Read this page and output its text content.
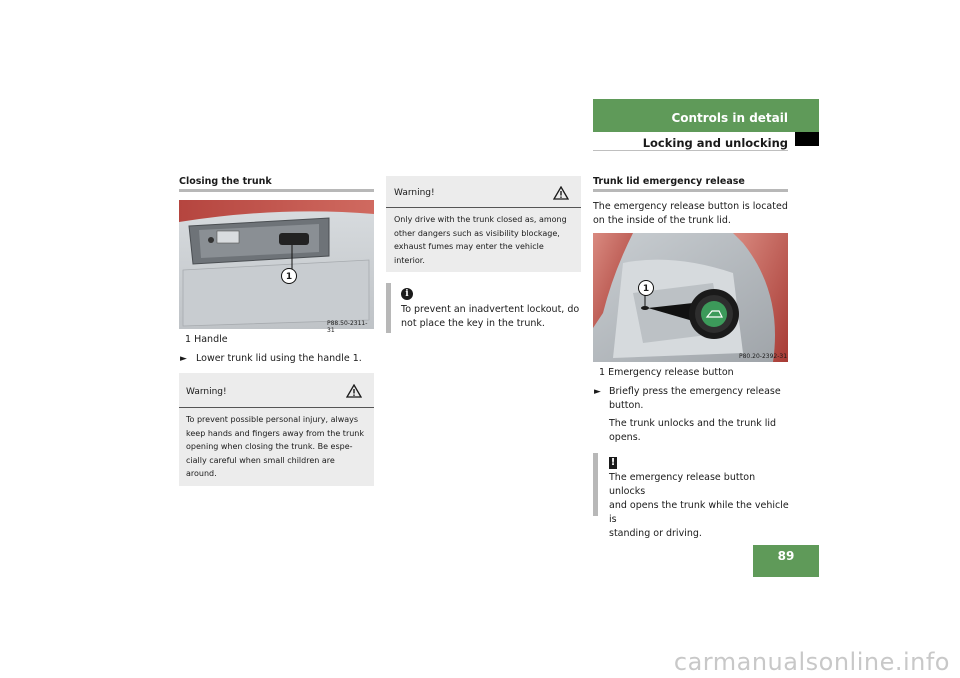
Controls in detail
Locking and unlocking
Closing the trunk
1
P88.50-2311-31
1 Handle
► Lower trunk lid using the handle 1.
Warning!
To prevent possible personal injury, always
keep hands and fingers away from the trunk
opening when closing the trunk. Be espe-
cially careful when small children are
around.
Warning!
Only drive with the trunk closed as, among
other dangers such as visibility blockage,
exhaust fumes may enter the vehicle
interior.
i
To prevent an inadvertent lockout, do
not place the key in the trunk.
Trunk lid emergency release
The emergency release button is located
on the inside of the trunk lid.
1
P80.20-2392-31
1 Emergency release button
► Briefly press the emergency release
button.
The trunk unlocks and the trunk lid
opens.
!
The emergency release button unlocks
and opens the trunk while the vehicle is
standing or driving.
89
carmanualsonline.info
